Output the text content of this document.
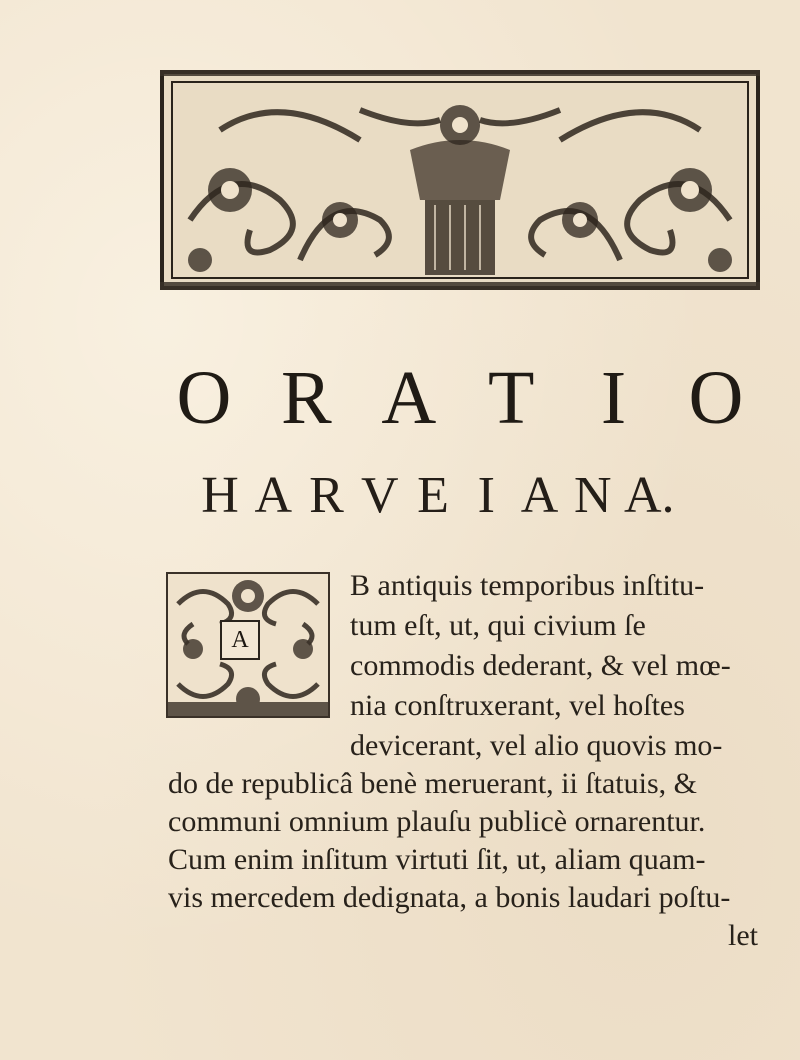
O R A T I O
H A R V E I A N A.
A
B antiquis temporibus inſtitu-
tum eſt, ut, qui civium ſe
commodis dederant, & vel mœ-
nia conſtruxerant, vel hoſtes
devicerant, vel alio quovis mo-
do de republicâ benè meruerant, ii ſtatuis, &
communi omnium plauſu publicè ornarentur.
Cum enim inſitum virtuti ſit, ut, aliam quam-
vis mercedem dedignata, a bonis laudari poſtu-
let
